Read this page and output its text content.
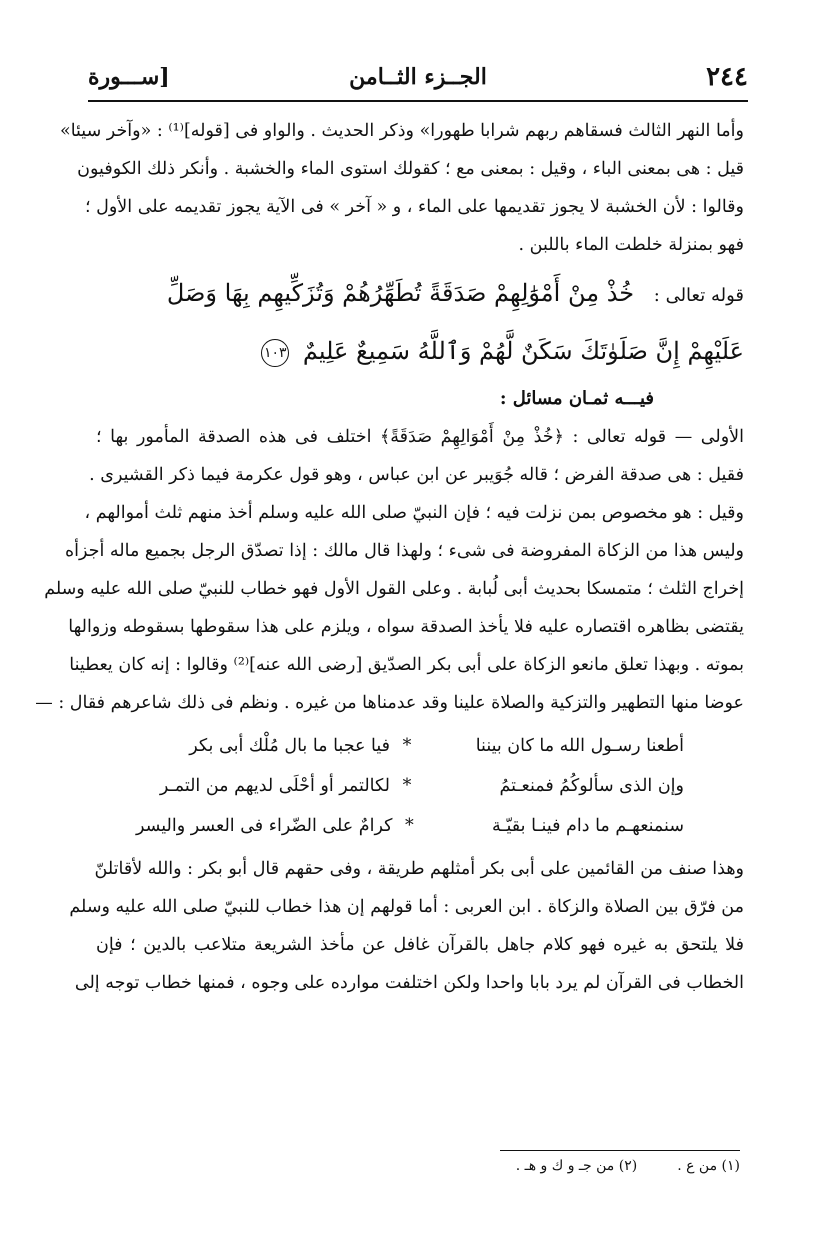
٢٤٤
الجــزء الثــامن
[ســـورة
وأما النهر الثالث فسقاهم ربهم شرابا طهورا» وذكر الحديث . والواو فى [قوله]⁽¹⁾ : «وآخر سيئا»
قيل : هى بمعنى الباء ، وقيل : بمعنى مع ؛ كقولك استوى الماء والخشبة . وأنكر ذلك الكوفيون
وقالوا : لأن الخشبة لا يجوز تقديمها على الماء ، و « آخر » فى الآية يجوز تقديمه على الأول ؛
فهو بمنزلة خلطت الماء باللبن .
قوله تعالى : خُذْ مِنْ أَمْوَٰلِهِمْ صَدَقَةً تُطَهِّرُهُمْ وَتُزَكِّيهِم بِهَا وَصَلِّ
عَلَيْهِمْ إِنَّ صَلَوٰتَكَ سَكَنٌ لَّهُمْ وَٱللَّهُ سَمِيعٌ عَلِيمٌ ١٠٣
فيـــه ثمـان مسائل :
الأولى — قوله تعالى : ﴿خُذْ مِنْ أَمْوَالِهِمْ صَدَقَةً﴾ اختلف فى هذه الصدقة المأمور بها ؛
فقيل : هى صدقة الفرض ؛ قاله جُوَيبر عن ابن عباس ، وهو قول عكرمة فيما ذكر القشيرى .
وقيل : هو مخصوص بمن نزلت فيه ؛ فإن النبيّ صلى الله عليه وسلم أخذ منهم ثلث أموالهم ،
وليس هذا من الزكاة المفروضة فى شىء ؛ ولهذا قال مالك : إذا تصدّق الرجل بجميع ماله أجزأه
إخراج الثلث ؛ متمسكا بحديث أبى لُبابة . وعلى القول الأول فهو خطاب للنبيّ صلى الله عليه وسلم
يقتضى بظاهره اقتصاره عليه فلا يأخذ الصدقة سواه ، ويلزم على هذا سقوطها بسقوطه وزوالها
بموته . وبهذا تعلق مانعو الزكاة على أبى بكر الصدّيق [رضى الله عنه]⁽²⁾ وقالوا : إنه كان يعطينا
عوضا منها التطهير والتزكية والصلاة علينا وقد عدمناها من غيره . ونظم فى ذلك شاعرهم فقال : —
أطعنا رسـول الله ما كان بيننا
*
فيا عجبا ما بال مُلْك أبى بكر
وإن الذى سألوكُمُ فمنعـتمُ
*
لكالتمر أو أحْلَى لديهم من التمـر
سنمنعهـم ما دام فينـا بقيّـة
*
كرامٌ على الضّراء فى العسر واليسر
وهذا صنف من القائمين على أبى بكر أمثلهم طريقة ، وفى حقهم قال أبو بكر : والله لأقاتلنّ
من فرّق بين الصلاة والزكاة . ابن العربى : أما قولهم إن هذا خطاب للنبيّ صلى الله عليه وسلم
فلا يلتحق به غيره فهو كلام جاهل بالقرآن غافل عن مأخذ الشريعة متلاعب بالدين ؛ فإن
الخطاب فى القرآن لم يرد بابا واحدا ولكن اختلفت موارده على وجوه ، فمنها خطاب توجه إلى
(١) من ع .
(٢) من جـ و ك و هـ .
